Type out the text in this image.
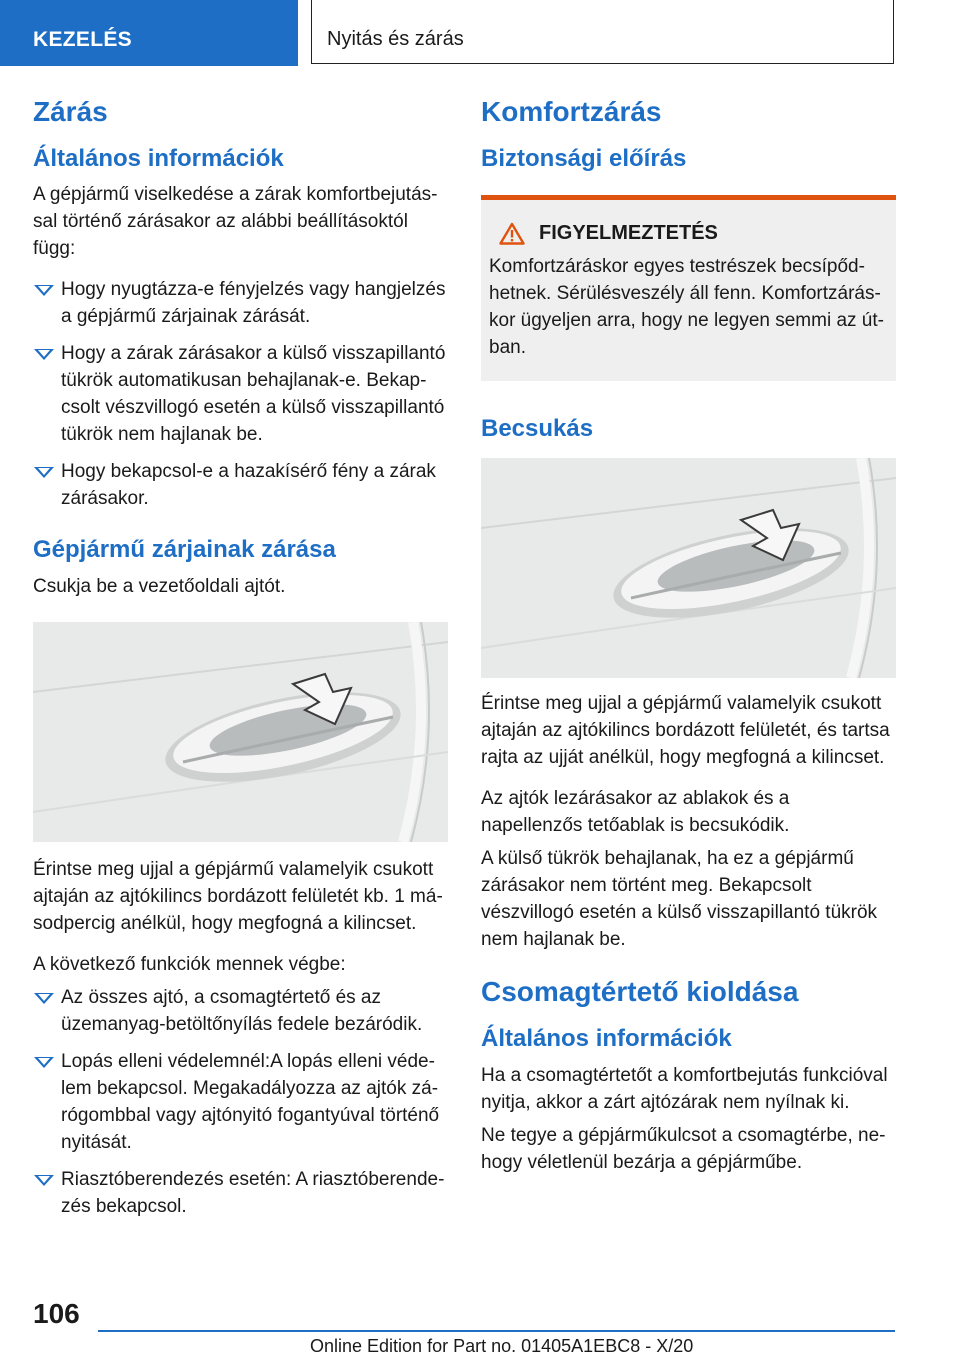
KEZELÉS	Nyitás és zárás
Zárás
Általános információk

A gépjármű viselkedése a zárak komfortbejutással történő zárásakor az alábbi beállításoktól függ:

Hogy nyugtázza-e fényjelzés vagy hangjelzés a gépjármű zárjainak zárását.
Hogy a zárak zárásakor a külső visszapillantó tükrök automatikusan behajlanak-e. Bekapcsolt vészvillogó esetén a külső visszapillantó tükrök nem hajlanak be.
Hogy bekapcsol-e a hazakísérő fény a zárak zárásakor.
Gépjármű zárjainak zárása

Csukja be a vezetőoldali ajtót.

Érintse meg ujjal a gépjármű valamelyik csukott ajtaján az ajtókilincs bordázott felületét kb. 1 másodpercig anélkül, hogy megfogná a kilincset.

A következő funkciók mennek végbe:

Az összes ajtó, a csomagtértető és az üzemanyag-betöltőnyílás fedele bezáródik.
Lopás elleni védelemnél:A lopás elleni védelem bekapcsol. Megakadályozza az ajtók zárógombbal vagy ajtónyitó fogantyúval történő nyitását.
Riasztóberendezés esetén: A riasztóberendezés bekapcsol.
Komfortzárás
Biztonsági előírás
FIGYELMEZTETÉS

Komfortzáráskor egyes testrészek becsípődhetnek. Sérülésveszély áll fenn. Komfortzáráskor ügyeljen arra, hogy ne legyen semmi az útban.

Becsukás

Érintse meg ujjal a gépjármű valamelyik csukott ajtaján az ajtókilincs bordázott felületét, és tartsa rajta az ujját anélkül, hogy megfogná a kilincset.

Az ajtók lezárásakor az ablakok és a napellenzős tetőablak is becsukódik.

A külső tükrök behajlanak, ha ez a gépjármű zárásakor nem történt meg. Bekapcsolt vészvillogó esetén a külső visszapillantó tükrök nem hajlanak be.

Csomagtértető kioldása
Általános információk

Ha a csomagtértetőt a komfortbejutás funkcióval nyitja, akkor a zárt ajtózárak nem nyílnak ki.

Ne tegye a gépjárműkulcsot a csomagtérbe, nehogy véletlenül bezárja a gépjárműbe.

106
Online Edition for Part no. 01405A1EBC8 - X/20
